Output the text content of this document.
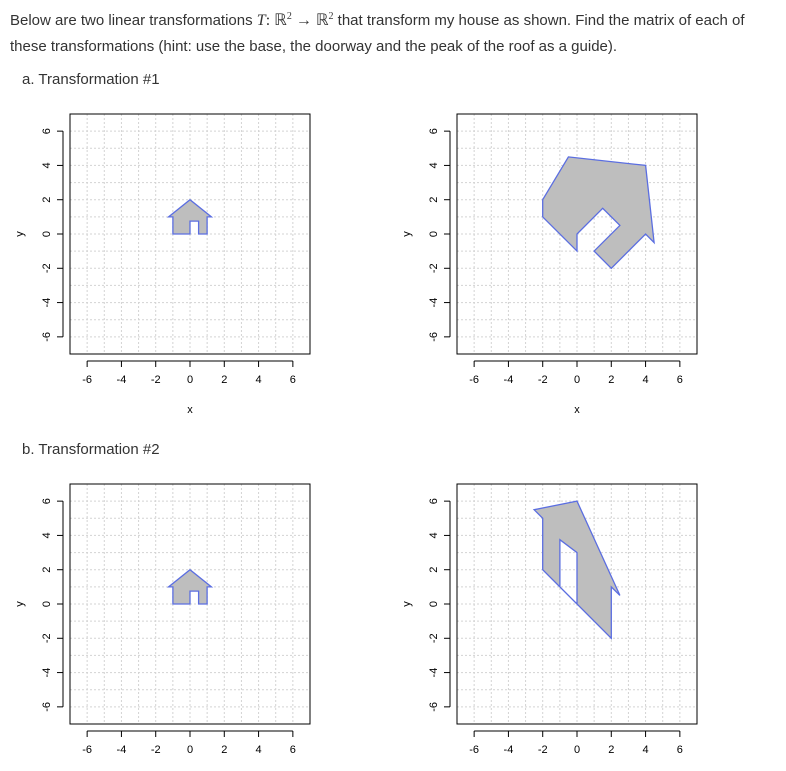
Below are two linear transformations T: ℝ$^2$ → ℝ$^2$ that transform my house as shown. Find the matrix of each of these transformations (hint: use the base, the doorway and the peak of the roof as a guide).
a. Transformation #1
b. Transformation #2
-6 -4 -2 0	2	4	6
-6
-4
-2
0
2
4
6
x
y
-6 -4 -2 0	2	4	6
-6
-4
-2
0
2
4
6
x
y
-6 -4 -2 0	2	4	6
-6
-4
-2
0
2
4
6
y
-6 -4 -2 0	2	4	6
-6
-4
-2
0
2
4
6
y
